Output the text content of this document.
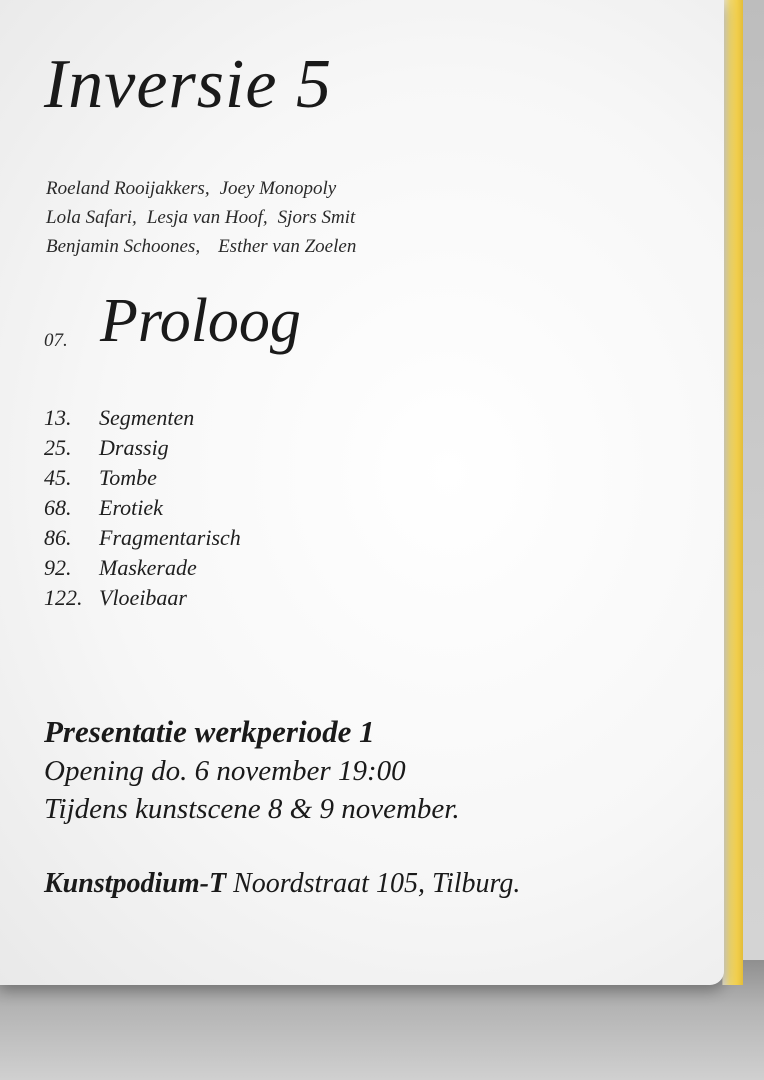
Inversie 5
Roeland Rooijakkers, Joey Monopoly
Lola Safari, Lesja van Hoof, Sjors Smit
Benjamin Schoones, Esther van Zoelen
07. Proloog
13.	Segmenten
25.	Drassig
45.	Tombe
68.	Erotiek
86.	Fragmentarisch
92.	Maskerade
122. Vloeibaar
Presentatie werkperiode 1
Opening do. 6 november 19:00
Tijdens kunstscene 8 & 9 november.
Kunstpodium-T Noordstraat 105, Tilburg.
